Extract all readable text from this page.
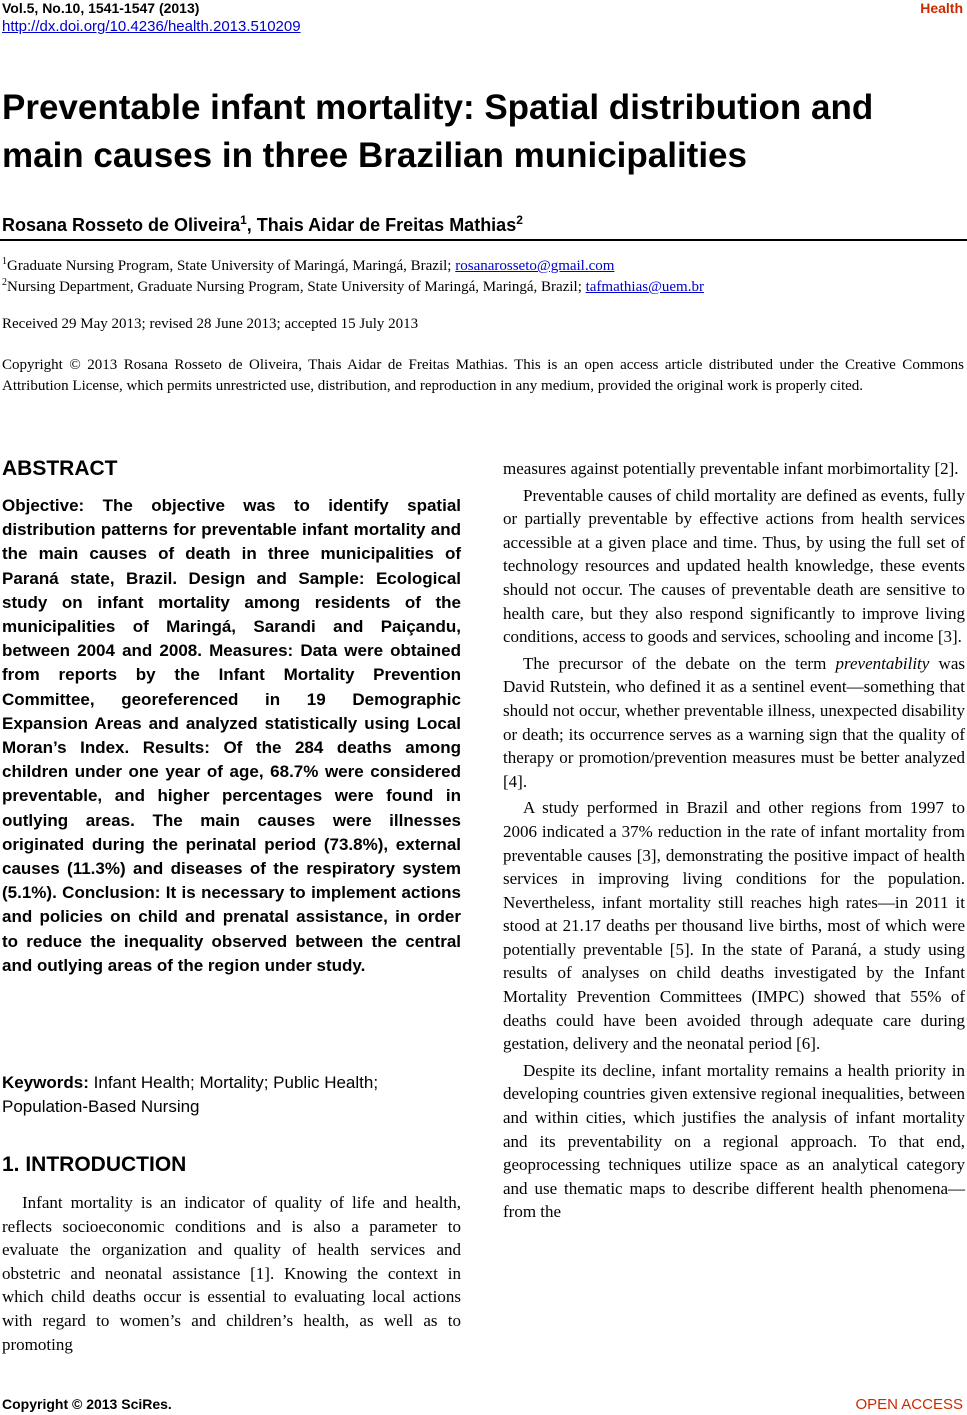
Vol.5, No.10, 1541-1547 (2013)
http://dx.doi.org/10.4236/health.2013.510209
Health
Preventable infant mortality: Spatial distribution and main causes in three Brazilian municipalities
Rosana Rosseto de Oliveira$^1$, Thais Aidar de Freitas Mathias$^2$
$^1$Graduate Nursing Program, State University of Maringá, Maringá, Brazil; rosanarosseto@gmail.com
$^2$Nursing Department, Graduate Nursing Program, State University of Maringá, Maringá, Brazil; tafmathias@uem.br
Received 29 May 2013; revised 28 June 2013; accepted 15 July 2013
Copyright © 2013 Rosana Rosseto de Oliveira, Thais Aidar de Freitas Mathias. This is an open access article distributed under the Creative Commons Attribution License, which permits unrestricted use, distribution, and reproduction in any medium, provided the original work is properly cited.
ABSTRACT
Objective: The objective was to identify spatial distribution patterns for preventable infant mortality and the main causes of death in three municipalities of Paraná state, Brazil. Design and Sample: Ecological study on infant mortality among residents of the municipalities of Maringá, Sarandi and Paiçandu, between 2004 and 2008. Measures: Data were obtained from reports by the Infant Mortality Prevention Committee, georeferenced in 19 Demographic Expansion Areas and analyzed statistically using Local Moran’s Index. Results: Of the 284 deaths among children under one year of age, 68.7% were considered preventable, and higher percentages were found in outlying areas. The main causes were illnesses originated during the perinatal period (73.8%), external causes (11.3%) and diseases of the respiratory system (5.1%). Conclusion: It is necessary to implement actions and policies on child and prenatal assistance, in order to reduce the inequality observed between the central and outlying areas of the region under study.
Keywords: Infant Health; Mortality; Public Health; Population-Based Nursing
1. INTRODUCTION

Infant mortality is an indicator of quality of life and health, reflects socioeconomic conditions and is also a parameter to evaluate the organization and quality of health services and obstetric and neonatal assistance [1]. Knowing the context in which child deaths occur is essential to evaluating local actions with regard to women’s and children’s health, as well as to promoting

measures against potentially preventable infant morbimortality [2].

Preventable causes of child mortality are defined as events, fully or partially preventable by effective actions from health services accessible at a given place and time. Thus, by using the full set of technology resources and updated health knowledge, these events should not occur. The causes of preventable death are sensitive to health care, but they also respond significantly to improve living conditions, access to goods and services, schooling and income [3].

The precursor of the debate on the term preventability was David Rutstein, who defined it as a sentinel event—something that should not occur, whether preventable illness, unexpected disability or death; its occurrence serves as a warning sign that the quality of therapy or promotion/prevention measures must be better analyzed [4].

A study performed in Brazil and other regions from 1997 to 2006 indicated a 37% reduction in the rate of infant mortality from preventable causes [3], demonstrating the positive impact of health services in improving living conditions for the population. Nevertheless, infant mortality still reaches high rates—in 2011 it stood at 21.17 deaths per thousand live births, most of which were potentially preventable [5]. In the state of Paraná, a study using results of analyses on child deaths investigated by the Infant Mortality Prevention Committees (IMPC) showed that 55% of deaths could have been avoided through adequate care during gestation, delivery and the neonatal period [6].

Despite its decline, infant mortality remains a health priority in developing countries given extensive regional inequalities, between and within cities, which justifies the analysis of infant mortality and its preventability on a regional approach. To that end, geoprocessing techniques utilize space as an analytical category and use thematic maps to describe different health phenomena—from the

Copyright © 2013 SciRes.	OPEN ACCESS
